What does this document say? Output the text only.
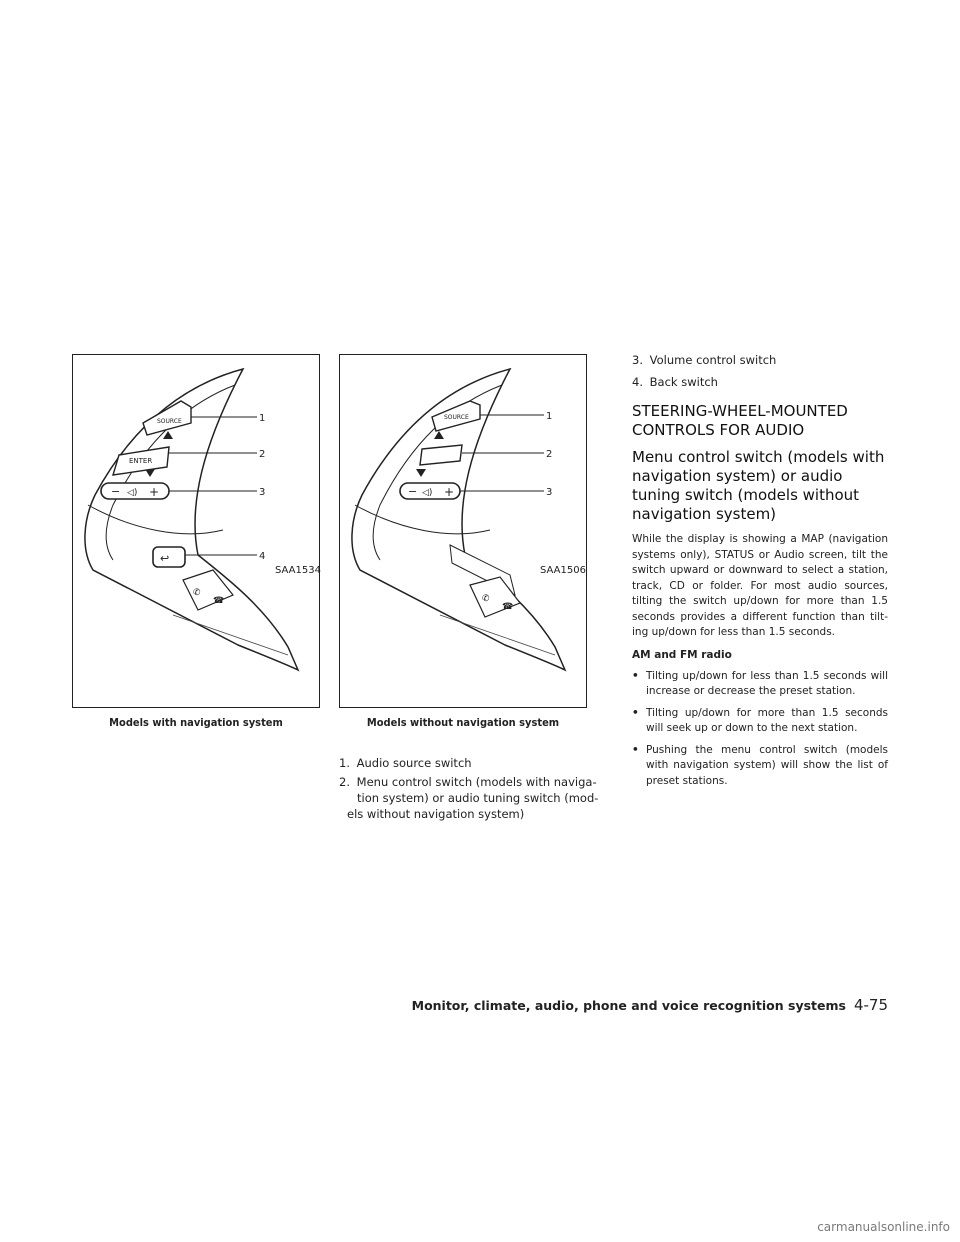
SOURCE
ENTER
− ◁) +
↩
✆
☎
1
2
3
4
SAA1534
Models with navigation system
SOURCE
− ◁) +
✆
☎
1
2
3
SAA1506
Models without navigation system
1. Audio source switch
2. Menu control switch (models with naviga-
tion system) or audio tuning switch (mod-
els without navigation system)
3. Volume control switch
4. Back switch
STEERING-WHEEL-MOUNTED
CONTROLS FOR AUDIO
Menu control switch (models with navigation system) or audio tuning switch (models without navigation system)

While the display is showing a MAP (navigation systems only), STATUS or Audio screen, tilt the switch upward or downward to select a station, track, CD or folder. For most audio sources, tilting the switch up/down for more than 1.5 seconds provides a different function than tilt-ing up/down for less than 1.5 seconds.

AM and FM radio
• Tilting up/down for less than 1.5 seconds will increase or decrease the preset station.
• Tilting up/down for more than 1.5 seconds will seek up or down to the next station.
• Pushing the menu control switch (models with navigation system) will show the list of preset stations.
Monitor, climate, audio, phone and voice recognition systems 4-75
carmanualsonline.info
